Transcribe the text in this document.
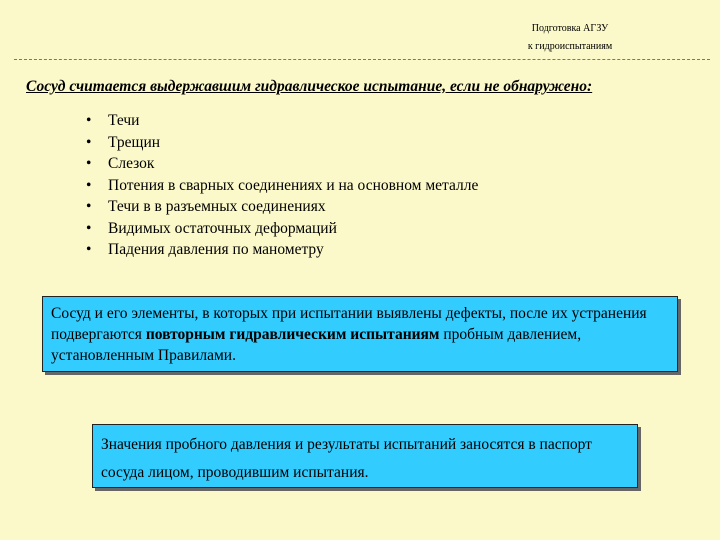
Подготовка АГЗУ
к гидроиспытаниям
Сосуд считается выдержавшим гидравлическое испытание, если не обнаружено:
• Течи
• Трещин
• Слезок
• Потения в сварных соединениях и на основном металле
• Течи в в разъемных соединениях
• Видимых остаточных деформаций
• Падения давления по манометру
Сосуд и его элементы, в которых при испытании выявлены дефекты, после их устранения подвергаются повторным гидравлическим испытаниям пробным давлением, установленным Правилами.
Значения пробного давления и результаты испытаний заносятся в паспорт сосуда лицом, проводившим испытания.
